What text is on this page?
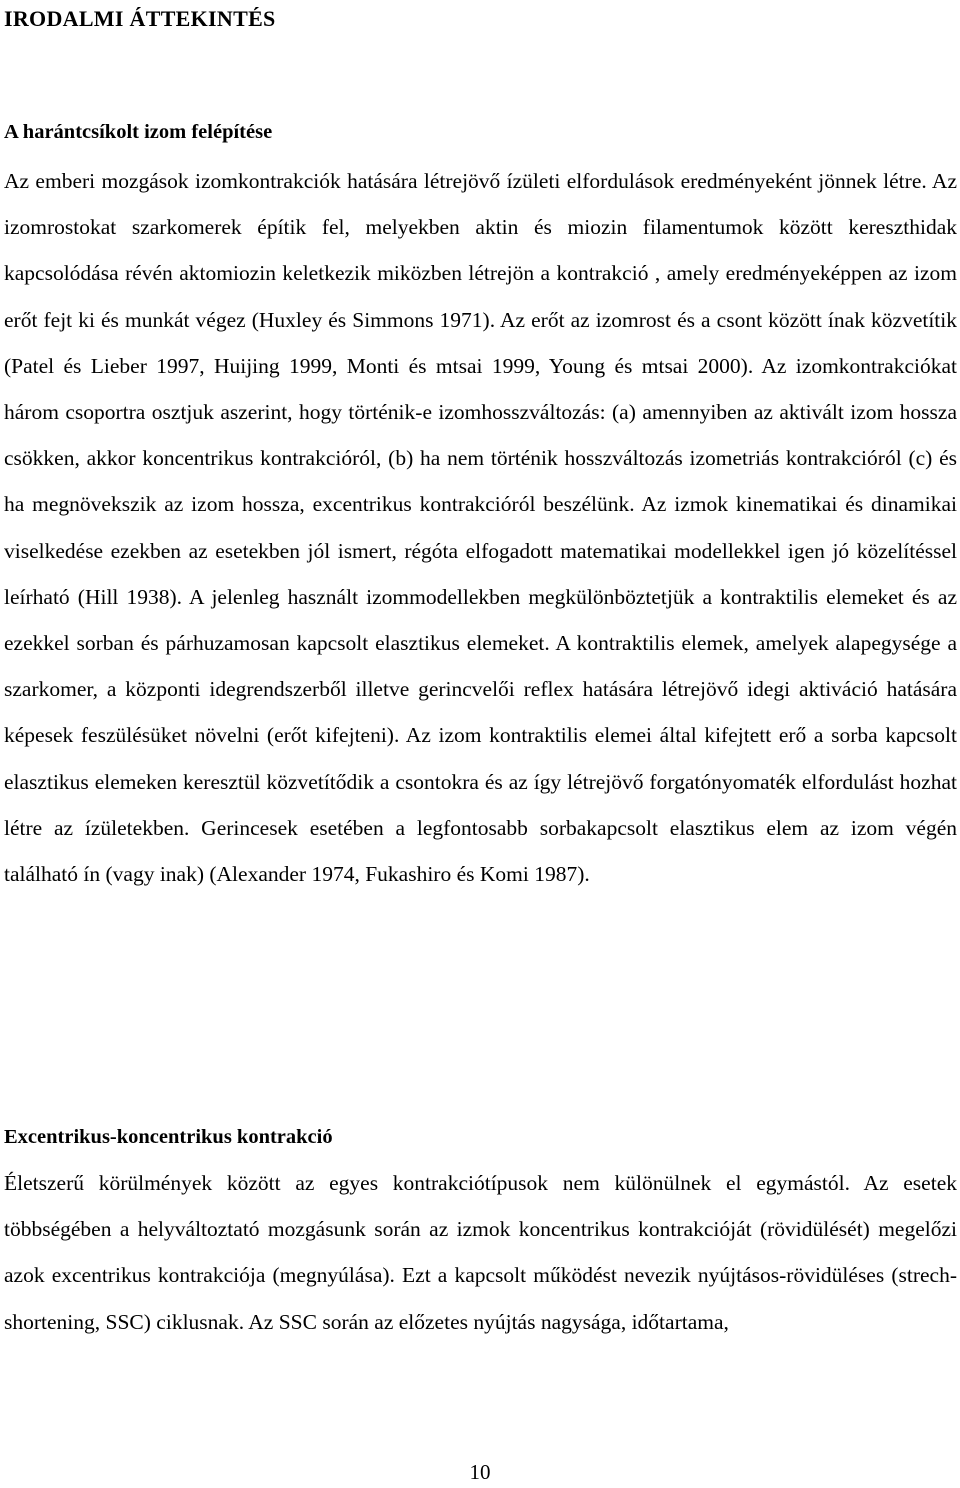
IRODALMI ÁTTEKINTÉS
A harántcsíkolt izom felépítése

Az emberi mozgások izomkontrakciók hatására létrejövő ízületi elfordulások eredményeként jönnek létre. Az izomrostokat szarkomerek építik fel, melyekben aktin és miozin filamentumok között kereszthidak kapcsolódása révén aktomiozin keletkezik miközben létrejön a kontrakció , amely eredményeképpen az izom erőt fejt ki és munkát végez (Huxley és Simmons 1971). Az erőt az izomrost és a csont között ínak közvetítik (Patel és Lieber 1997, Huijing 1999, Monti és mtsai 1999, Young és mtsai 2000). Az izomkontrakciókat három csoportra osztjuk aszerint, hogy történik-e izomhosszváltozás: (a) amennyiben az aktivált izom hossza csökken, akkor koncentrikus kontrakcióról, (b) ha nem történik hosszváltozás izometriás kontrakcióról (c) és ha megnövekszik az izom hossza, excentrikus kontrakcióról beszélünk. Az izmok kinematikai és dinamikai viselkedése ezekben az esetekben jól ismert, régóta elfogadott matematikai modellekkel igen jó közelítéssel leírható (Hill 1938). A jelenleg használt izommodellekben megkülönböztetjük a kontraktilis elemeket és az ezekkel sorban és párhuzamosan kapcsolt elasztikus elemeket. A kontraktilis elemek, amelyek alapegysége a szarkomer, a központi idegrendszerből illetve gerincvelői reflex hatására létrejövő idegi aktiváció hatására képesek feszülésüket növelni (erőt kifejteni). Az izom kontraktilis elemei által kifejtett erő a sorba kapcsolt elasztikus elemeken keresztül közvetítődik a csontokra és az így létrejövő forgatónyomaték elfordulást hozhat létre az ízületekben. Gerincesek esetében a legfontosabb sorbakapcsolt elasztikus elem az izom végén található ín (vagy inak) (Alexander 1974, Fukashiro és Komi 1987).

Excentrikus-koncentrikus kontrakció

Életszerű körülmények között az egyes kontrakciótípusok nem különülnek el egymástól. Az esetek többségében a helyváltoztató mozgásunk során az izmok koncentrikus kontrakcióját (rövidülését) megelőzi azok excentrikus kontrakciója (megnyúlása). Ezt a kapcsolt működést nevezik nyújtásos-rövidüléses (strech-shortening, SSC) ciklusnak. Az SSC során az előzetes nyújtás nagysága, időtartama,

10
